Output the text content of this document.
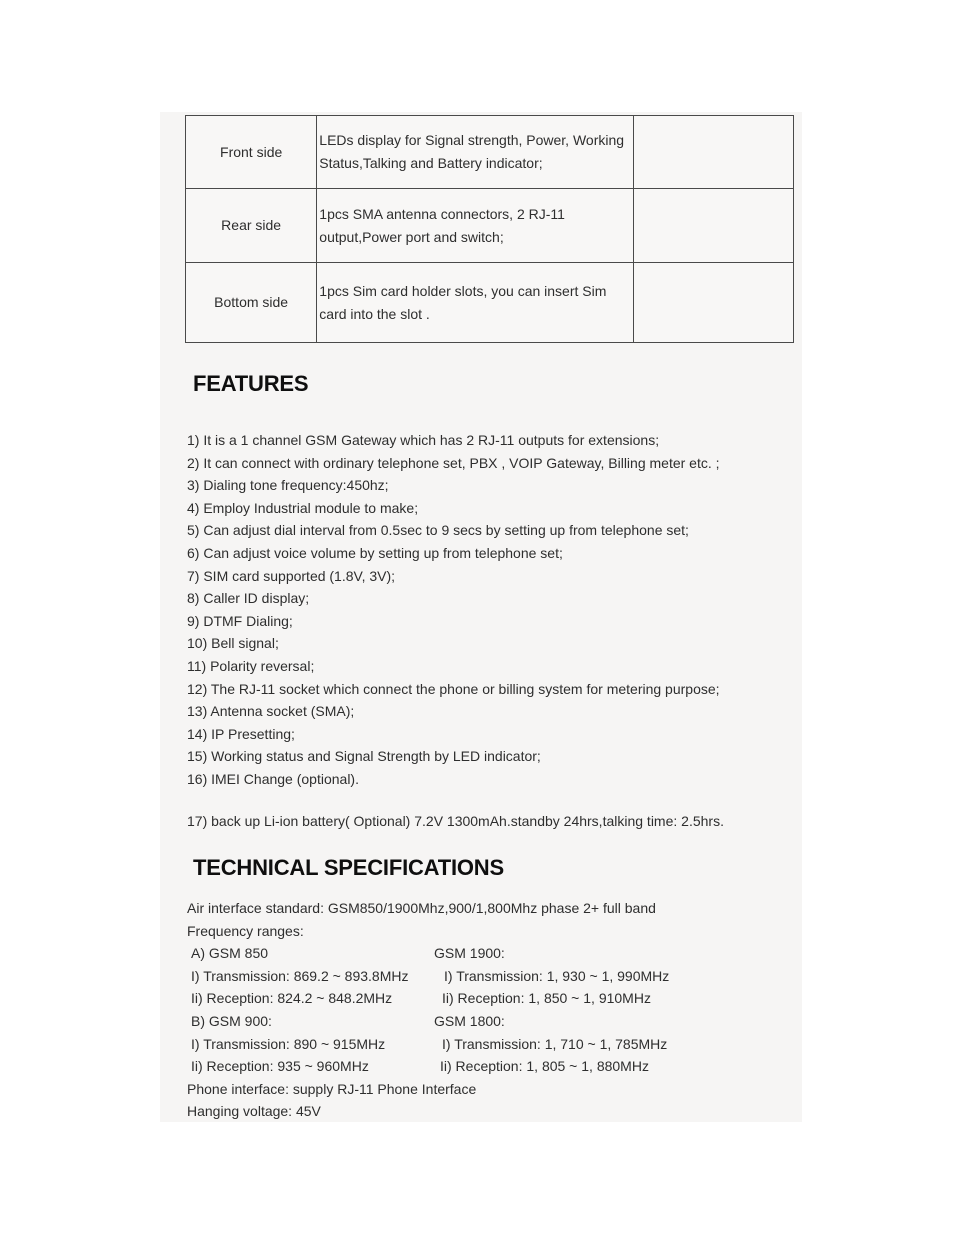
Front side	LEDs display for Signal strength, Power, Working
Status,Talking and Battery indicator;	

Rear side	1pcs SMA antenna connectors, 2 RJ-11
output,Power port and switch;	

Bottom side	1pcs Sim card holder slots, you can insert Sim
card into the slot .	

FEATURES
1) It is a 1 channel GSM Gateway which has 2 RJ-11 outputs for extensions;
2) It can connect with ordinary telephone set, PBX , VOIP Gateway, Billing meter etc. ;
3) Dialing tone frequency:450hz;
4) Employ Industrial module to make;
5) Can adjust dial interval from 0.5sec to 9 secs by setting up from telephone set;
6) Can adjust voice volume by setting up from telephone set;
7) SIM card supported (1.8V, 3V);
8) Caller ID display;
9) DTMF Dialing;
10) Bell signal;
11) Polarity reversal;
12) The RJ-11 socket which connect the phone or billing system for metering purpose;
13) Antenna socket (SMA);
14) IP Presetting;
15) Working status and Signal Strength by LED indicator;
16) IMEI Change (optional).
17) back up Li-ion battery( Optional) 7.2V 1300mAh.standby 24hrs,talking time: 2.5hrs.
TECHNICAL SPECIFICATIONS
Air interface standard: GSM850/1900Mhz,900/1,800Mhz phase 2+ full band
Frequency ranges:
A) GSM 850	GSM 1900:
I) Transmission: 869.2 ~ 893.8MHz	I) Transmission: 1, 930 ~ 1, 990MHz
Ii) Reception: 824.2 ~ 848.2MHz	Ii) Reception: 1, 850 ~ 1, 910MHz
B) GSM 900:	GSM 1800:
I) Transmission: 890 ~ 915MHz	I) Transmission: 1, 710 ~ 1, 785MHz
Ii) Reception: 935 ~ 960MHz	Ii) Reception: 1, 805 ~ 1, 880MHz
Phone interface: supply RJ-11 Phone Interface
Hanging voltage: 45V
